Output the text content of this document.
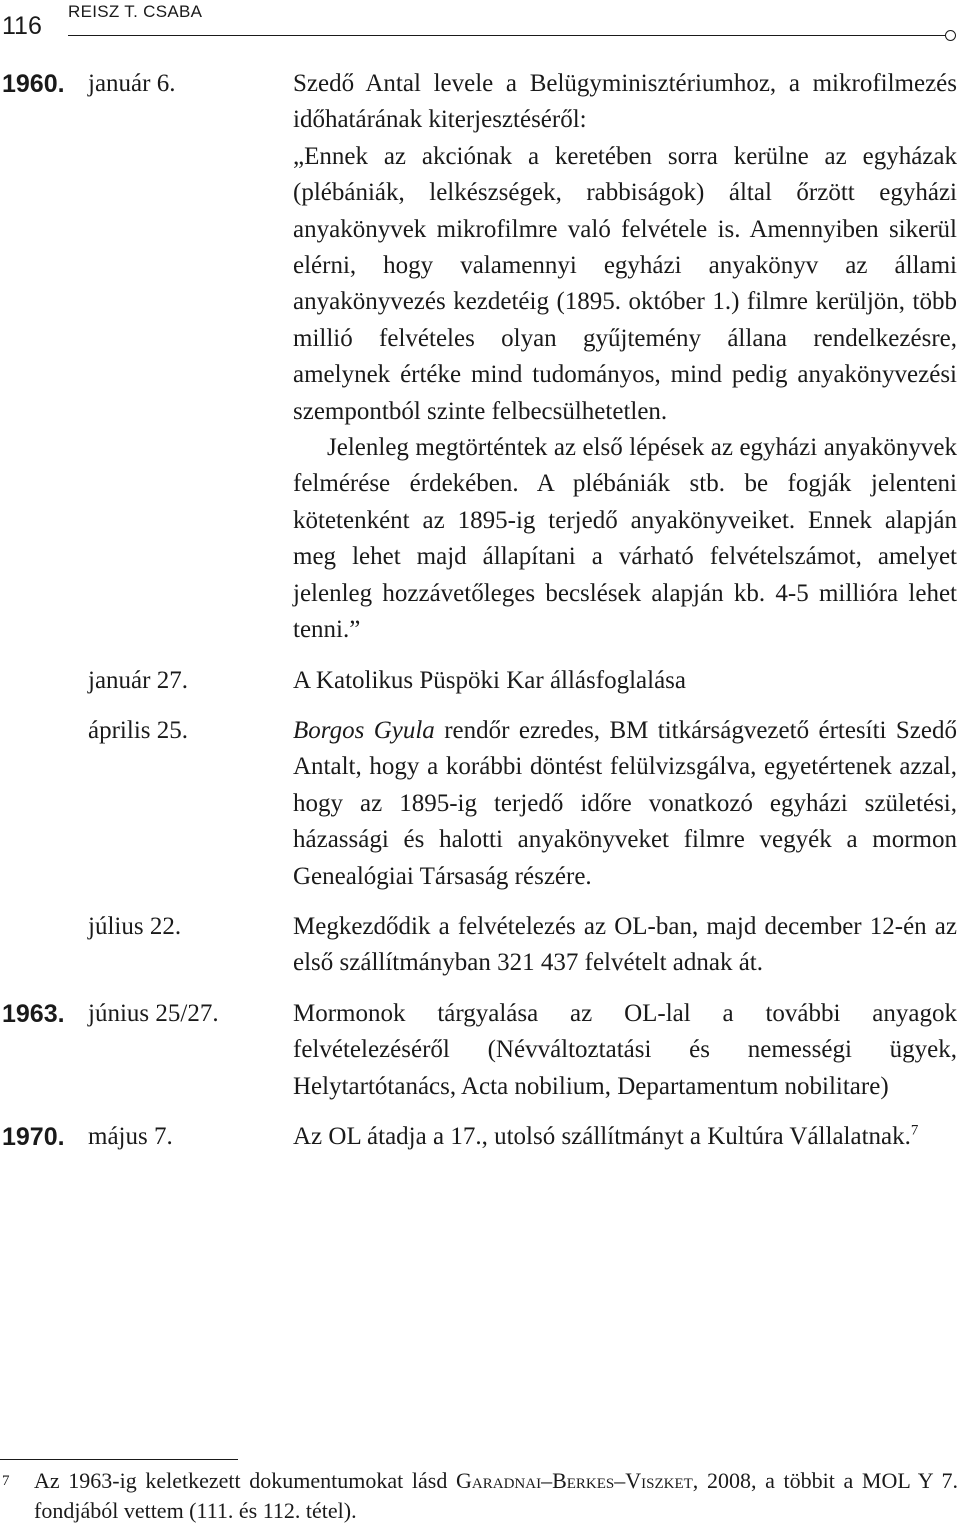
116
REISZ T. CSABA
1960. január 6.	Szedő Antal levele a Belügyminisztériumhoz, a mikrofilmezés időhatárának kiterjesztéséről:

„Ennek az akciónak a keretében sorra kerülne az egyházak (plébániák, lelkészségek, rabbiságok) által őrzött egyházi anyakönyvek mikrofilmre való felvétele is. Amennyiben sikerül elérni, hogy valamennyi egyházi anyakönyv az állami anyakönyvezés kezdetéig (1895. október 1.) filmre kerüljön, több millió felvételes olyan gyűjtemény állana rendelkezésre, amelynek értéke mind tudományos, mind pedig anyakönyvezési szempontból szinte felbecsülhetetlen.

Jelenleg megtörténtek az első lépések az egyházi anyakönyvek felmérése érdekében. A plébániák stb. be fogják jelenteni kötetenként az 1895-ig terjedő anyakönyveiket. Ennek alapján meg lehet majd állapítani a várható felvételszámot, amelyet jelenleg hozzávetőleges becslések alapján kb. 4-5 millióra lehet tenni.”

január 27.	A Katolikus Püspöki Kar állásfoglalása

április 25.	Borgos Gyula rendőr ezredes, BM titkárságvezető értesíti Szedő Antalt, hogy a korábbi döntést felülvizsgálva, egyetértenek azzal, hogy az 1895-ig terjedő időre vonatkozó egyházi születési, házassági és halotti anyakönyveket filmre vegyék a mormon Genealógiai Társaság részére.

július 22.	Megkezdődik a felvételezés az OL-ban, majd december 12-én az első szállítmányban 321 437 felvételt adnak át.

1963. június 25/27.	Mormonok tárgyalása az OL-lal a további anyagok felvételezéséről (Névváltoztatási és nemességi ügyek, Helytartótanács, Acta nobilium, Departamentum nobilitare)

1970. május 7.	Az OL átadja a 17., utolsó szállítmányt a Kultúra Vállalatnak.$^7$

7 Az 1963-ig keletkezett dokumentumokat lásd Garadnai–Berkes–Viszket, 2008, a többit a MOL Y 7. fondjából vettem (111. és 112. tétel).
